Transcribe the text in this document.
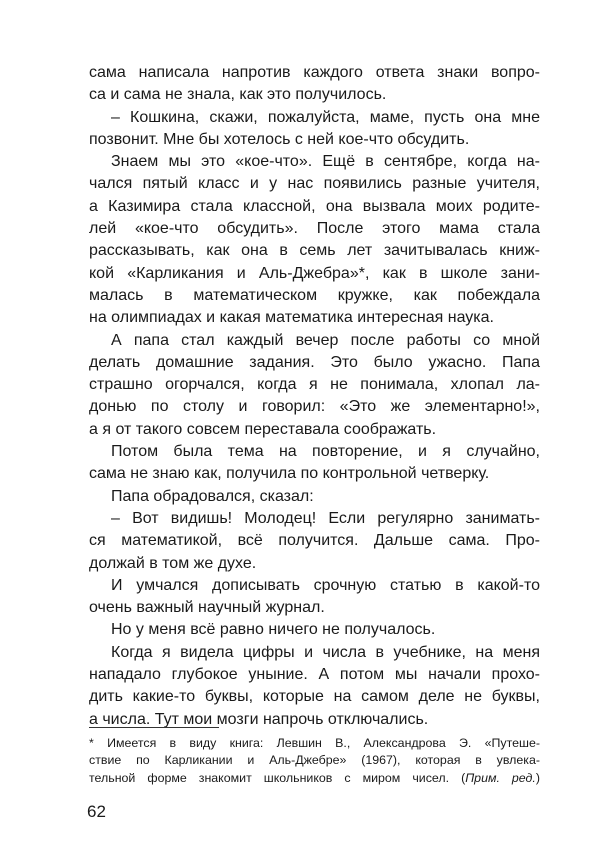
сама написала напротив каждого ответа знаки вопро-
са и сама не знала, как это получилось.
– Кошкина, скажи, пожалуйста, маме, пусть она мне
позвонит. Мне бы хотелось с ней кое-что обсудить.
Знаем мы это «кое-что». Ещё в сентябре, когда на-
чался пятый класс и у нас появились разные учителя,
а Казимира стала классной, она вызвала моих родите-
лей «кое-что обсудить». После этого мама стала
рассказывать, как она в семь лет зачитывалась книж-
кой «Карликания и Аль-Джебра»*, как в школе зани-
малась в математическом кружке, как побеждала
на олимпиадах и какая математика интересная наука.
А папа стал каждый вечер после работы со мной
делать домашние задания. Это было ужасно. Папа
страшно огорчался, когда я не понимала, хлопал ла-
донью по столу и говорил: «Это же элементарно!»,
а я от такого совсем переставала соображать.
Потом была тема на повторение, и я случайно,
сама не знаю как, получила по контрольной четверку.
Папа обрадовался, сказал:
– Вот видишь! Молодец! Если регулярно занимать-
ся математикой, всё получится. Дальше сама. Про-
должай в том же духе.
И умчался дописывать срочную статью в какой-то
очень важный научный журнал.
Но у меня всё равно ничего не получалось.
Когда я видела цифры и числа в учебнике, на меня
нападало глубокое уныние. А потом мы начали прохо-
дить какие-то буквы, которые на самом деле не буквы,
а числа. Тут мои мозги напрочь отключались.
* Имеется в виду книга: Левшин В., Александрова Э. «Путеше-
ствие по Карликании и Аль-Джебре» (1967), которая в увлека-
тельной форме знакомит школьников с миром чисел. (Прим. ред.)
62
